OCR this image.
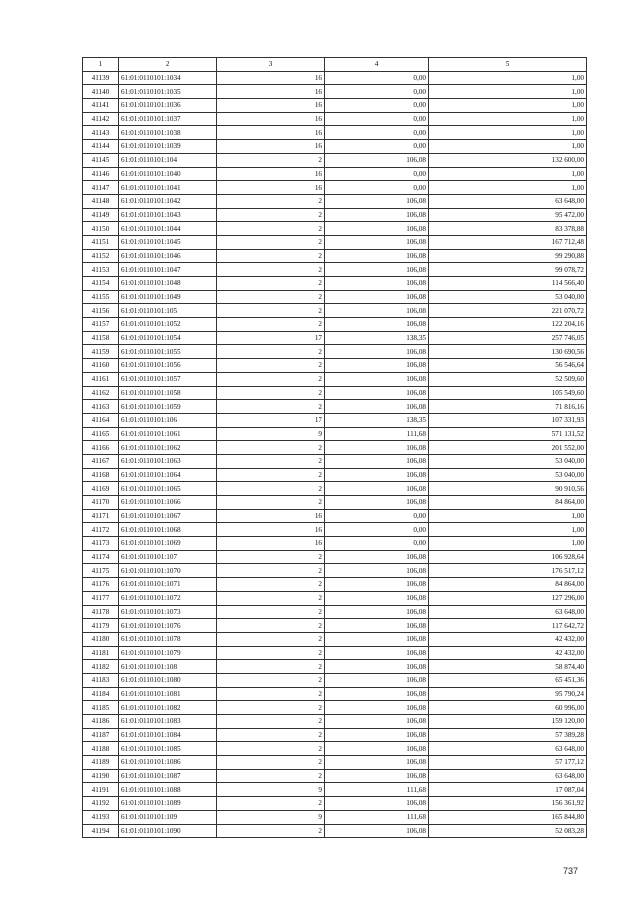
1	2	3	4	5
41139	61:01:0110101:1034	16	0,00	1,00
41140	61:01:0110101:1035	16	0,00	1,00
41141	61:01:0110101:1036	16	0,00	1,00
41142	61:01:0110101:1037	16	0,00	1,00
41143	61:01:0110101:1038	16	0,00	1,00
41144	61:01:0110101:1039	16	0,00	1,00
41145	61:01:0110101:104	2	106,08	132 600,00
41146	61:01:0110101:1040	16	0,00	1,00
41147	61:01:0110101:1041	16	0,00	1,00
41148	61:01:0110101:1042	2	106,08	63 648,00
41149	61:01:0110101:1043	2	106,08	95 472,00
41150	61:01:0110101:1044	2	106,08	83 378,88
41151	61:01:0110101:1045	2	106,08	167 712,48
41152	61:01:0110101:1046	2	106,08	99 290,88
41153	61:01:0110101:1047	2	106,08	99 078,72
41154	61:01:0110101:1048	2	106,08	114 566,40
41155	61:01:0110101:1049	2	106,08	53 040,00
41156	61:01:0110101:105	2	106,08	221 070,72
41157	61:01:0110101:1052	2	106,08	122 204,16
41158	61:01:0110101:1054	17	138,35	257 746,05
41159	61:01:0110101:1055	2	106,08	130 690,56
41160	61:01:0110101:1056	2	106,08	56 546,64
41161	61:01:0110101:1057	2	106,08	52 509,60
41162	61:01:0110101:1058	2	106,08	105 549,60
41163	61:01:0110101:1059	2	106,08	71 816,16
41164	61:01:0110101:106	17	138,35	107 331,93
41165	61:01:0110101:1061	9	111,68	571 131,52
41166	61:01:0110101:1062	2	106,08	201 552,00
41167	61:01:0110101:1063	2	106,08	53 040,00
41168	61:01:0110101:1064	2	106,08	53 040,00
41169	61:01:0110101:1065	2	106,08	90 910,56
41170	61:01:0110101:1066	2	106,08	84 864,00
41171	61:01:0110101:1067	16	0,00	1,00
41172	61:01:0110101:1068	16	0,00	1,00
41173	61:01:0110101:1069	16	0,00	1,00
41174	61:01:0110101:107	2	106,08	106 928,64
41175	61:01:0110101:1070	2	106,08	176 517,12
41176	61:01:0110101:1071	2	106,08	84 864,00
41177	61:01:0110101:1072	2	106,08	127 296,00
41178	61:01:0110101:1073	2	106,08	63 648,00
41179	61:01:0110101:1076	2	106,08	117 642,72
41180	61:01:0110101:1078	2	106,08	42 432,00
41181	61:01:0110101:1079	2	106,08	42 432,00
41182	61:01:0110101:108	2	106,08	58 874,40
41183	61:01:0110101:1080	2	106,08	65 451,36
41184	61:01:0110101:1081	2	106,08	95 790,24
41185	61:01:0110101:1082	2	106,08	60 996,00
41186	61:01:0110101:1083	2	106,08	159 120,00
41187	61:01:0110101:1084	2	106,08	57 389,28
41188	61:01:0110101:1085	2	106,08	63 648,00
41189	61:01:0110101:1086	2	106,08	57 177,12
41190	61:01:0110101:1087	2	106,08	63 648,00
41191	61:01:0110101:1088	9	111,68	17 087,04
41192	61:01:0110101:1089	2	106,08	156 361,92
41193	61:01:0110101:109	9	111,68	165 844,80
41194	61:01:0110101:1090	2	106,08	52 083,28
737
